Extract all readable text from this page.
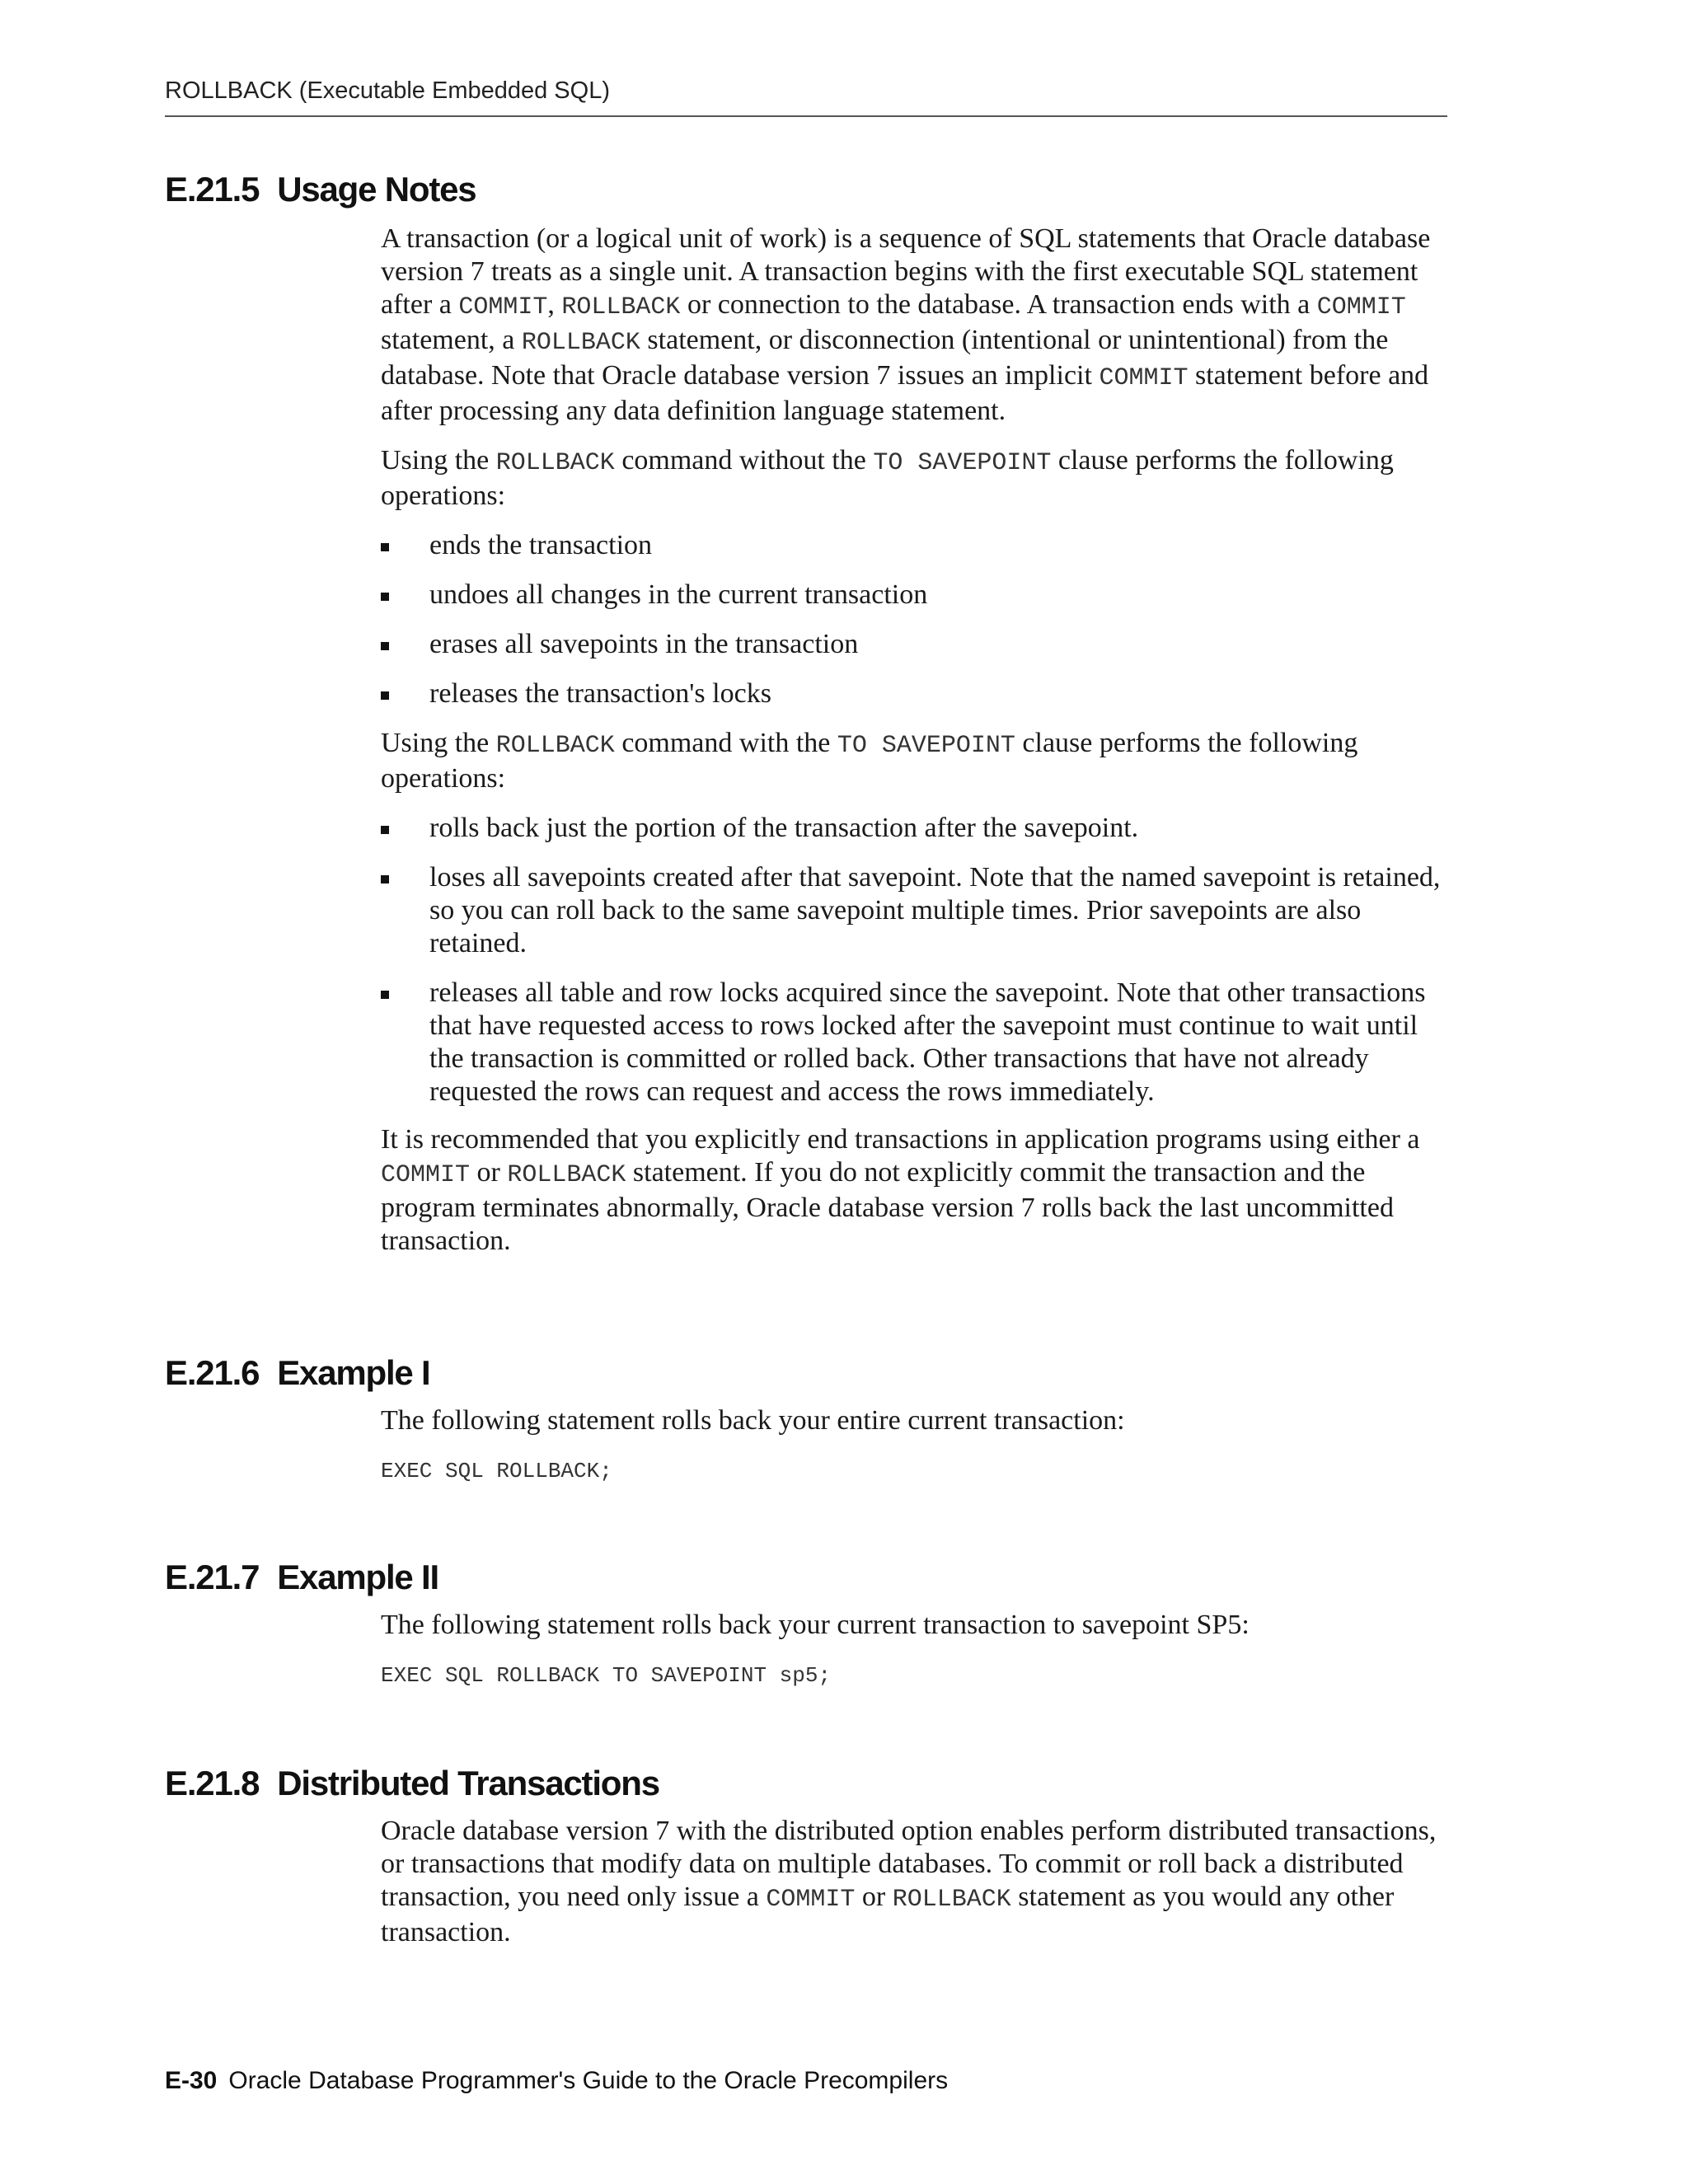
ROLLBACK (Executable Embedded SQL)
E.21.5 Usage Notes

A transaction (or a logical unit of work) is a sequence of SQL statements that Oracle database version 7 treats as a single unit. A transaction begins with the first executable SQL statement after a COMMIT, ROLLBACK or connection to the database. A transaction ends with a COMMIT statement, a ROLLBACK statement, or disconnection (intentional or unintentional) from the database. Note that Oracle database version 7 issues an implicit COMMIT statement before and after processing any data definition language statement.

Using the ROLLBACK command without the TO SAVEPOINT clause performs the following operations:

ends the transaction
undoes all changes in the current transaction
erases all savepoints in the transaction
releases the transaction's locks

Using the ROLLBACK command with the TO SAVEPOINT clause performs the following operations:

rolls back just the portion of the transaction after the savepoint.
loses all savepoints created after that savepoint. Note that the named savepoint is retained, so you can roll back to the same savepoint multiple times. Prior savepoints are also retained.
releases all table and row locks acquired since the savepoint. Note that other transactions that have requested access to rows locked after the savepoint must continue to wait until the transaction is committed or rolled back. Other transactions that have not already requested the rows can request and access the rows immediately.

It is recommended that you explicitly end transactions in application programs using either a COMMIT or ROLLBACK statement. If you do not explicitly commit the transaction and the program terminates abnormally, Oracle database version 7 rolls back the last uncommitted transaction.

E.21.6 Example I
The following statement rolls back your entire current transaction:
EXEC SQL ROLLBACK;
E.21.7 Example II
The following statement rolls back your current transaction to savepoint SP5:
EXEC SQL ROLLBACK TO SAVEPOINT sp5;
E.21.8 Distributed Transactions

Oracle database version 7 with the distributed option enables perform distributed transactions, or transactions that modify data on multiple databases. To commit or roll back a distributed transaction, you need only issue a COMMIT or ROLLBACK statement as you would any other transaction.

E-30 Oracle Database Programmer's Guide to the Oracle Precompilers
